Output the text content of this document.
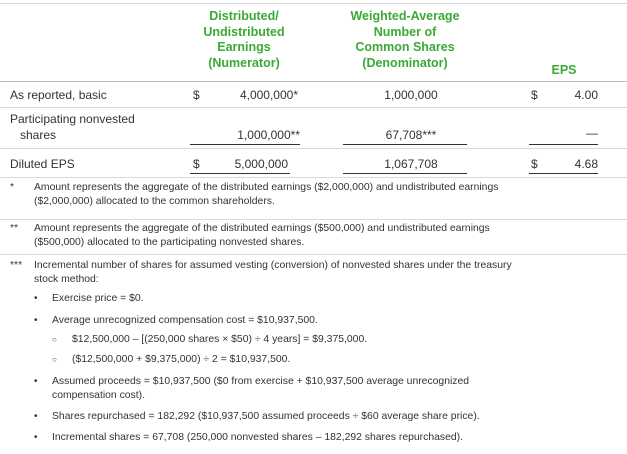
Distributed/
Undistributed
Earnings
(Numerator)
Weighted-Average
Number of
Common Shares
(Denominator)
EPS
As reported, basic	$	4,000,000*	1,000,000	$	4.00
Participating nonvested
shares	1,000,000**	67,708***	—
Diluted EPS	$	5,000,000	1,067,708	$	4.68
* Amount represents the aggregate of the distributed earnings ($2,000,000) and undistributed earnings
($2,000,000) allocated to the common shareholders.
** Amount represents the aggregate of the distributed earnings ($500,000) and undistributed earnings
($500,000) allocated to the participating nonvested shares.
*** Incremental number of shares for assumed vesting (conversion) of nonvested shares under the treasury
stock method:
• Exercise price = $0.
• Average unrecognized compensation cost = $10,937,500.
○ $12,500,000 – [(250,000 shares × $50) ÷ 4 years] = $9,375,000.
○ ($12,500,000 + $9,375,000) ÷ 2 = $10,937,500.
• Assumed proceeds = $10,937,500 ($0 from exercise + $10,937,500 average unrecognized
compensation cost).
• Shares repurchased = 182,292 ($10,937,500 assumed proceeds ÷ $60 average share price).
• Incremental shares = 67,708 (250,000 nonvested shares – 182,292 shares repurchased).
